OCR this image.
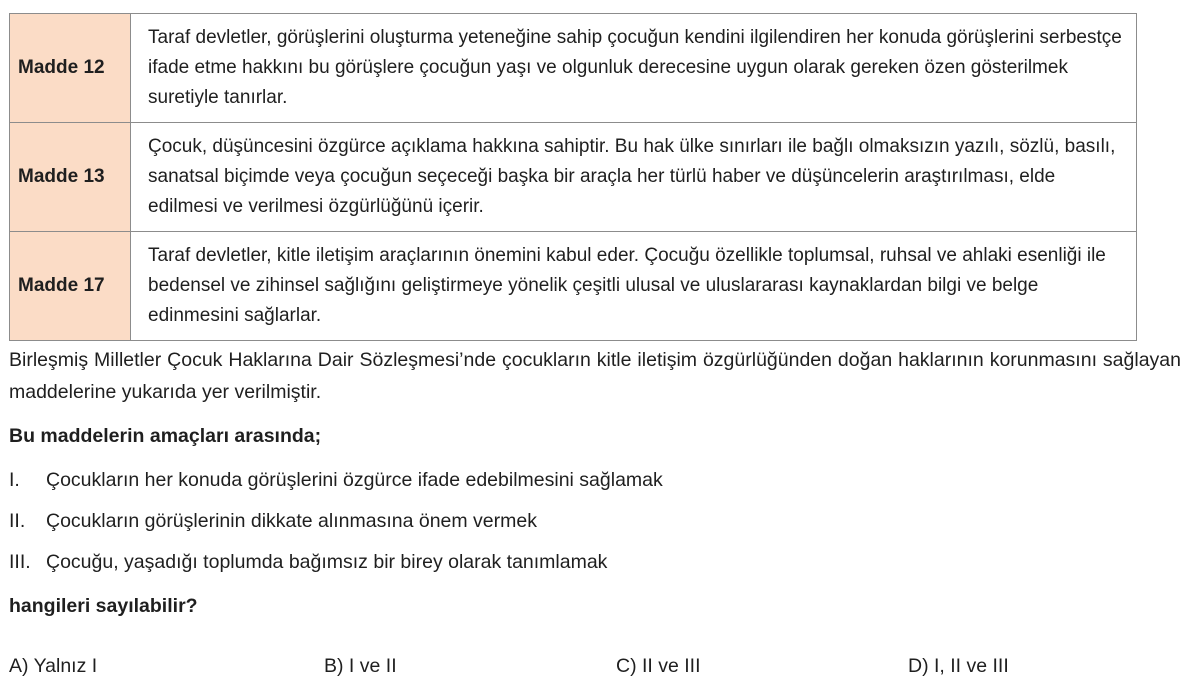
Madde 12	Taraf devletler, görüşlerini oluşturma yeteneğine sahip çocuğun kendini ilgilendiren her konuda görüşlerini serbestçe ifade etme hakkını bu görüşlere çocuğun yaşı ve olgunluk derecesine uygun olarak gereken özen gösterilmek suretiyle tanırlar.
Madde 13	Çocuk, düşüncesini özgürce açıklama hakkına sahiptir. Bu hak ülke sınırları ile bağlı olmaksızın yazılı, sözlü, basılı, sanatsal biçimde veya çocuğun seçeceği başka bir araçla her türlü haber ve düşüncelerin araştırılması, elde edilmesi ve verilmesi özgürlüğünü içerir.
Madde 17	Taraf devletler, kitle iletişim araçlarının önemini kabul eder. Çocuğu özellikle toplumsal, ruhsal ve ahlaki esenliği ile bedensel ve zihinsel sağlığını geliştirmeye yönelik çeşitli ulusal ve uluslararası kaynaklardan bilgi ve belge edinmesini sağlarlar.

Birleşmiş Milletler Çocuk Haklarına Dair Sözleşmesi’nde çocukların kitle iletişim özgürlüğünden doğan haklarının korunmasını sağlayan maddelerine yukarıda yer verilmiştir.

Bu maddelerin amaçları arasında;

I. Çocukların her konuda görüşlerini özgürce ifade edebilmesini sağlamak
II. Çocukların görüşlerinin dikkate alınmasına önem vermek
III. Çocuğu, yaşadığı toplumda bağımsız bir birey olarak tanımlamak

hangileri sayılabilir?

A) Yalnız I	B) I ve II	C) II ve III	D) I, II ve III
